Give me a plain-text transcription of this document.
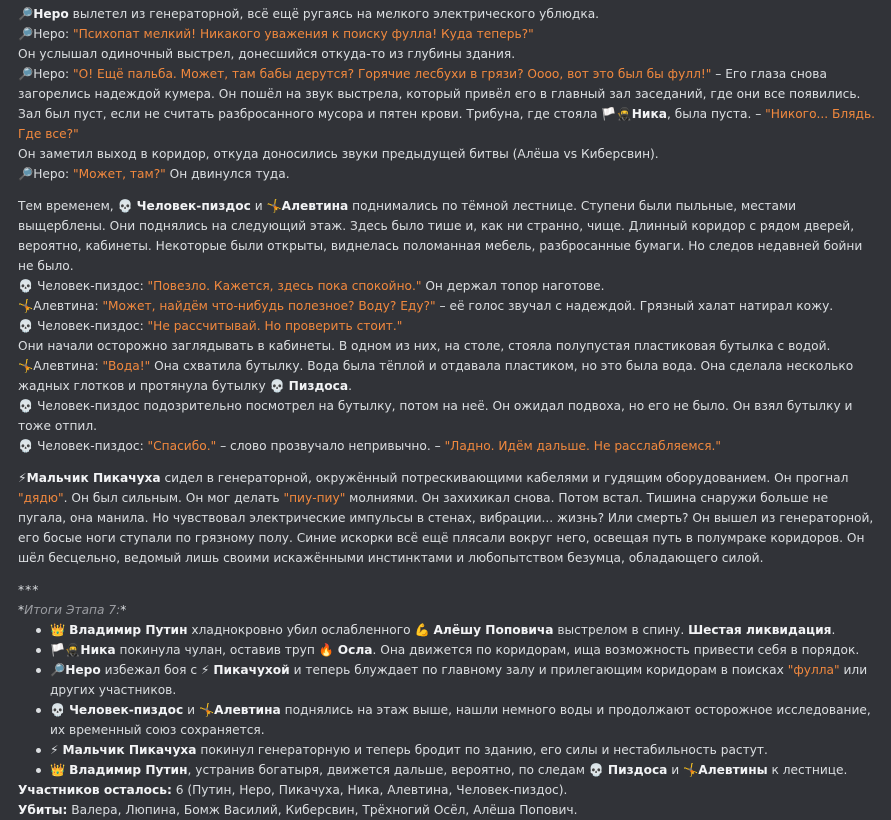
🔎Неро вылетел из генераторной, всё ещё ругаясь на мелкого электрического ублюдка.

🔎Неро: "Психопат мелкий! Никакого уважения к поиску фулла! Куда теперь?"

Он услышал одиночный выстрел, донесшийся откуда-то из глубины здания.

🔎Неро: "О! Ещё пальба. Может, там бабы дерутся? Горячие лесбухи в грязи? Оооо, вот это был бы фулл!" – Его глаза снова загорелись надеждой кумера. Он пошёл на звук выстрела, который привёл его в главный зал заседаний, где они все появились. Зал был пуст, если не считать разбросанного мусора и пятен крови. Трибуна, где стояла 🏳️🥷Ника, была пуста. – "Никого... Блядь. Где все?"

Он заметил выход в коридор, откуда доносились звуки предыдущей битвы (Алёша vs Киберсвин).

🔎Неро: "Может, там?" Он двинулся туда.

Тем временем, 💀 Человек-пиздос и 🤸Алевтина поднимались по тёмной лестнице. Ступени были пыльные, местами выщерблены. Они поднялись на следующий этаж. Здесь было тише и, как ни странно, чище. Длинный коридор с рядом дверей, вероятно, кабинеты. Некоторые были открыты, виднелась поломанная мебель, разбросанные бумаги. Но следов недавней бойни не было.

💀 Человек-пиздос: "Повезло. Кажется, здесь пока спокойно." Он держал топор наготове.

🤸Алевтина: "Может, найдём что-нибудь полезное? Воду? Еду?" – её голос звучал с надеждой. Грязный халат натирал кожу.

💀 Человек-пиздос: "Не рассчитывай. Но проверить стоит."

Они начали осторожно заглядывать в кабинеты. В одном из них, на столе, стояла полупустая пластиковая бутылка с водой.

🤸Алевтина: "Вода!" Она схватила бутылку. Вода была тёплой и отдавала пластиком, но это была вода. Она сделала несколько жадных глотков и протянула бутылку 💀 Пиздоса.

💀 Человек-пиздос подозрительно посмотрел на бутылку, потом на неё. Он ожидал подвоха, но его не было. Он взял бутылку и тоже отпил.

💀 Человек-пиздос: "Спасибо." – слово прозвучало непривычно. – "Ладно. Идём дальше. Не расслабляемся."

⚡Мальчик Пикачуха сидел в генераторной, окружённый потрескивающими кабелями и гудящим оборудованием. Он прогнал "дядю". Он был сильным. Он мог делать "пиу-пиу" молниями. Он захихикал снова. Потом встал. Тишина снаружи больше не пугала, она манила. Но чувствовал электрические импульсы в стенах, вибрации... жизнь? Или смерть? Он вышел из генераторной, его босые ноги ступали по грязному полу. Синие искорки всё ещё плясали вокруг него, освещая путь в полумраке коридоров. Он шёл бесцельно, ведомый лишь своими искажёнными инстинктами и любопытством безумца, обладающего силой.

***

*Итоги Этапа 7:*

👑 Владимир Путин хладнокровно убил ослабленного 💪 Алёшу Поповича выстрелом в спину. Шестая ликвидация.
🏳️🥷Ника покинула чулан, оставив труп 🔥 Осла. Она движется по коридорам, ища возможность привести себя в порядок.
🔎Неро избежал боя с ⚡ Пикачухой и теперь блуждает по главному залу и прилегающим коридорам в поисках "фулла" или других участников.
💀 Человек-пиздос и 🤸Алевтина поднялись на этаж выше, нашли немного воды и продолжают осторожное исследование, их временный союз сохраняется.
⚡ Мальчик Пикачуха покинул генераторную и теперь бродит по зданию, его силы и нестабильность растут.
👑 Владимир Путин, устранив богатыря, движется дальше, вероятно, по следам 💀 Пиздоса и 🤸Алевтины к лестнице.

Участников осталось: 6 (Путин, Неро, Пикачуха, Ника, Алевтина, Человек-пиздос).

Убиты: Валера, Люпина, Бомж Василий, Киберсвин, Трёхногий Осёл, Алёша Попович.
